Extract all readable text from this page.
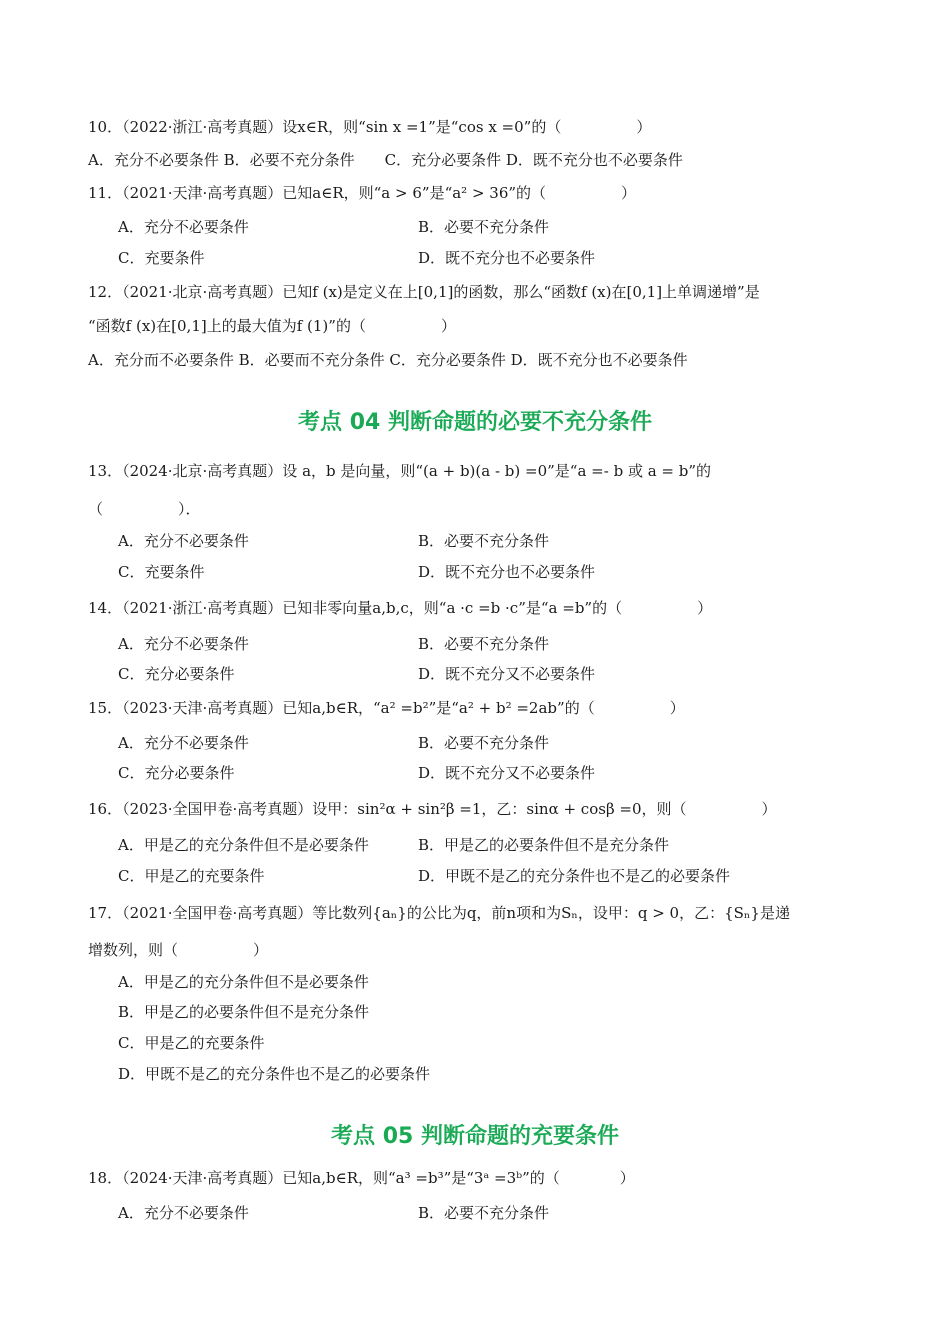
10．（2022·浙江·高考真题）设x∈R，则“sin x =1”是“cos x =0”的（　　　　　）
A．充分不必要条件 B．必要不充分条件　　C．充分必要条件 D．既不充分也不必要条件
11．（2021·天津·高考真题）已知a∈R，则“a > 6”是“a² > 36”的（　　　　　）
A．充分不必要条件	B．必要不充分条件
C．充要条件	D．既不充分也不必要条件
12．（2021·北京·高考真题）已知f (x)是定义在上[0,1]的函数，那么“函数f (x)在[0,1]上单调递增”是
“函数f (x)在[0,1]上的最大值为f (1)”的（　　　　　）
A．充分而不必要条件 B．必要而不充分条件 C．充分必要条件 D．既不充分也不必要条件
考点 04 判断命题的必要不充分条件
13．（2024·北京·高考真题）设 a，b 是向量，则“(a + b)(a - b) =0”是“a =- b 或 a = b”的
（　　　　　）．
A．充分不必要条件	B．必要不充分条件
C．充要条件	D．既不充分也不必要条件
14．（2021·浙江·高考真题）已知非零向量a,b,c，则“a ·c =b ·c”是“a =b”的（　　　　　）
A．充分不必要条件	B．必要不充分条件
C．充分必要条件	D．既不充分又不必要条件
15．（2023·天津·高考真题）已知a,b∈R，“a² =b²”是“a² + b² =2ab”的（　　　　　）
A．充分不必要条件	B．必要不充分条件
C．充分必要条件	D．既不充分又不必要条件
16．（2023·全国甲卷·高考真题）设甲：sin²α + sin²β =1，乙：sinα + cosβ =0，则（　　　　　）
A．甲是乙的充分条件但不是必要条件	B．甲是乙的必要条件但不是充分条件
C．甲是乙的充要条件	D．甲既不是乙的充分条件也不是乙的必要条件
17．（2021·全国甲卷·高考真题）等比数列{aₙ}的公比为q，前n项和为Sₙ，设甲：q > 0，乙：{Sₙ}是递
增数列，则（　　　　　）
A．甲是乙的充分条件但不是必要条件
B．甲是乙的必要条件但不是充分条件
C．甲是乙的充要条件
D．甲既不是乙的充分条件也不是乙的必要条件
考点 05 判断命题的充要条件
18．（2024·天津·高考真题）已知a,b∈R，则“a³ =b³”是“3ᵃ =3ᵇ”的（　　　　）
A．充分不必要条件	B．必要不充分条件
